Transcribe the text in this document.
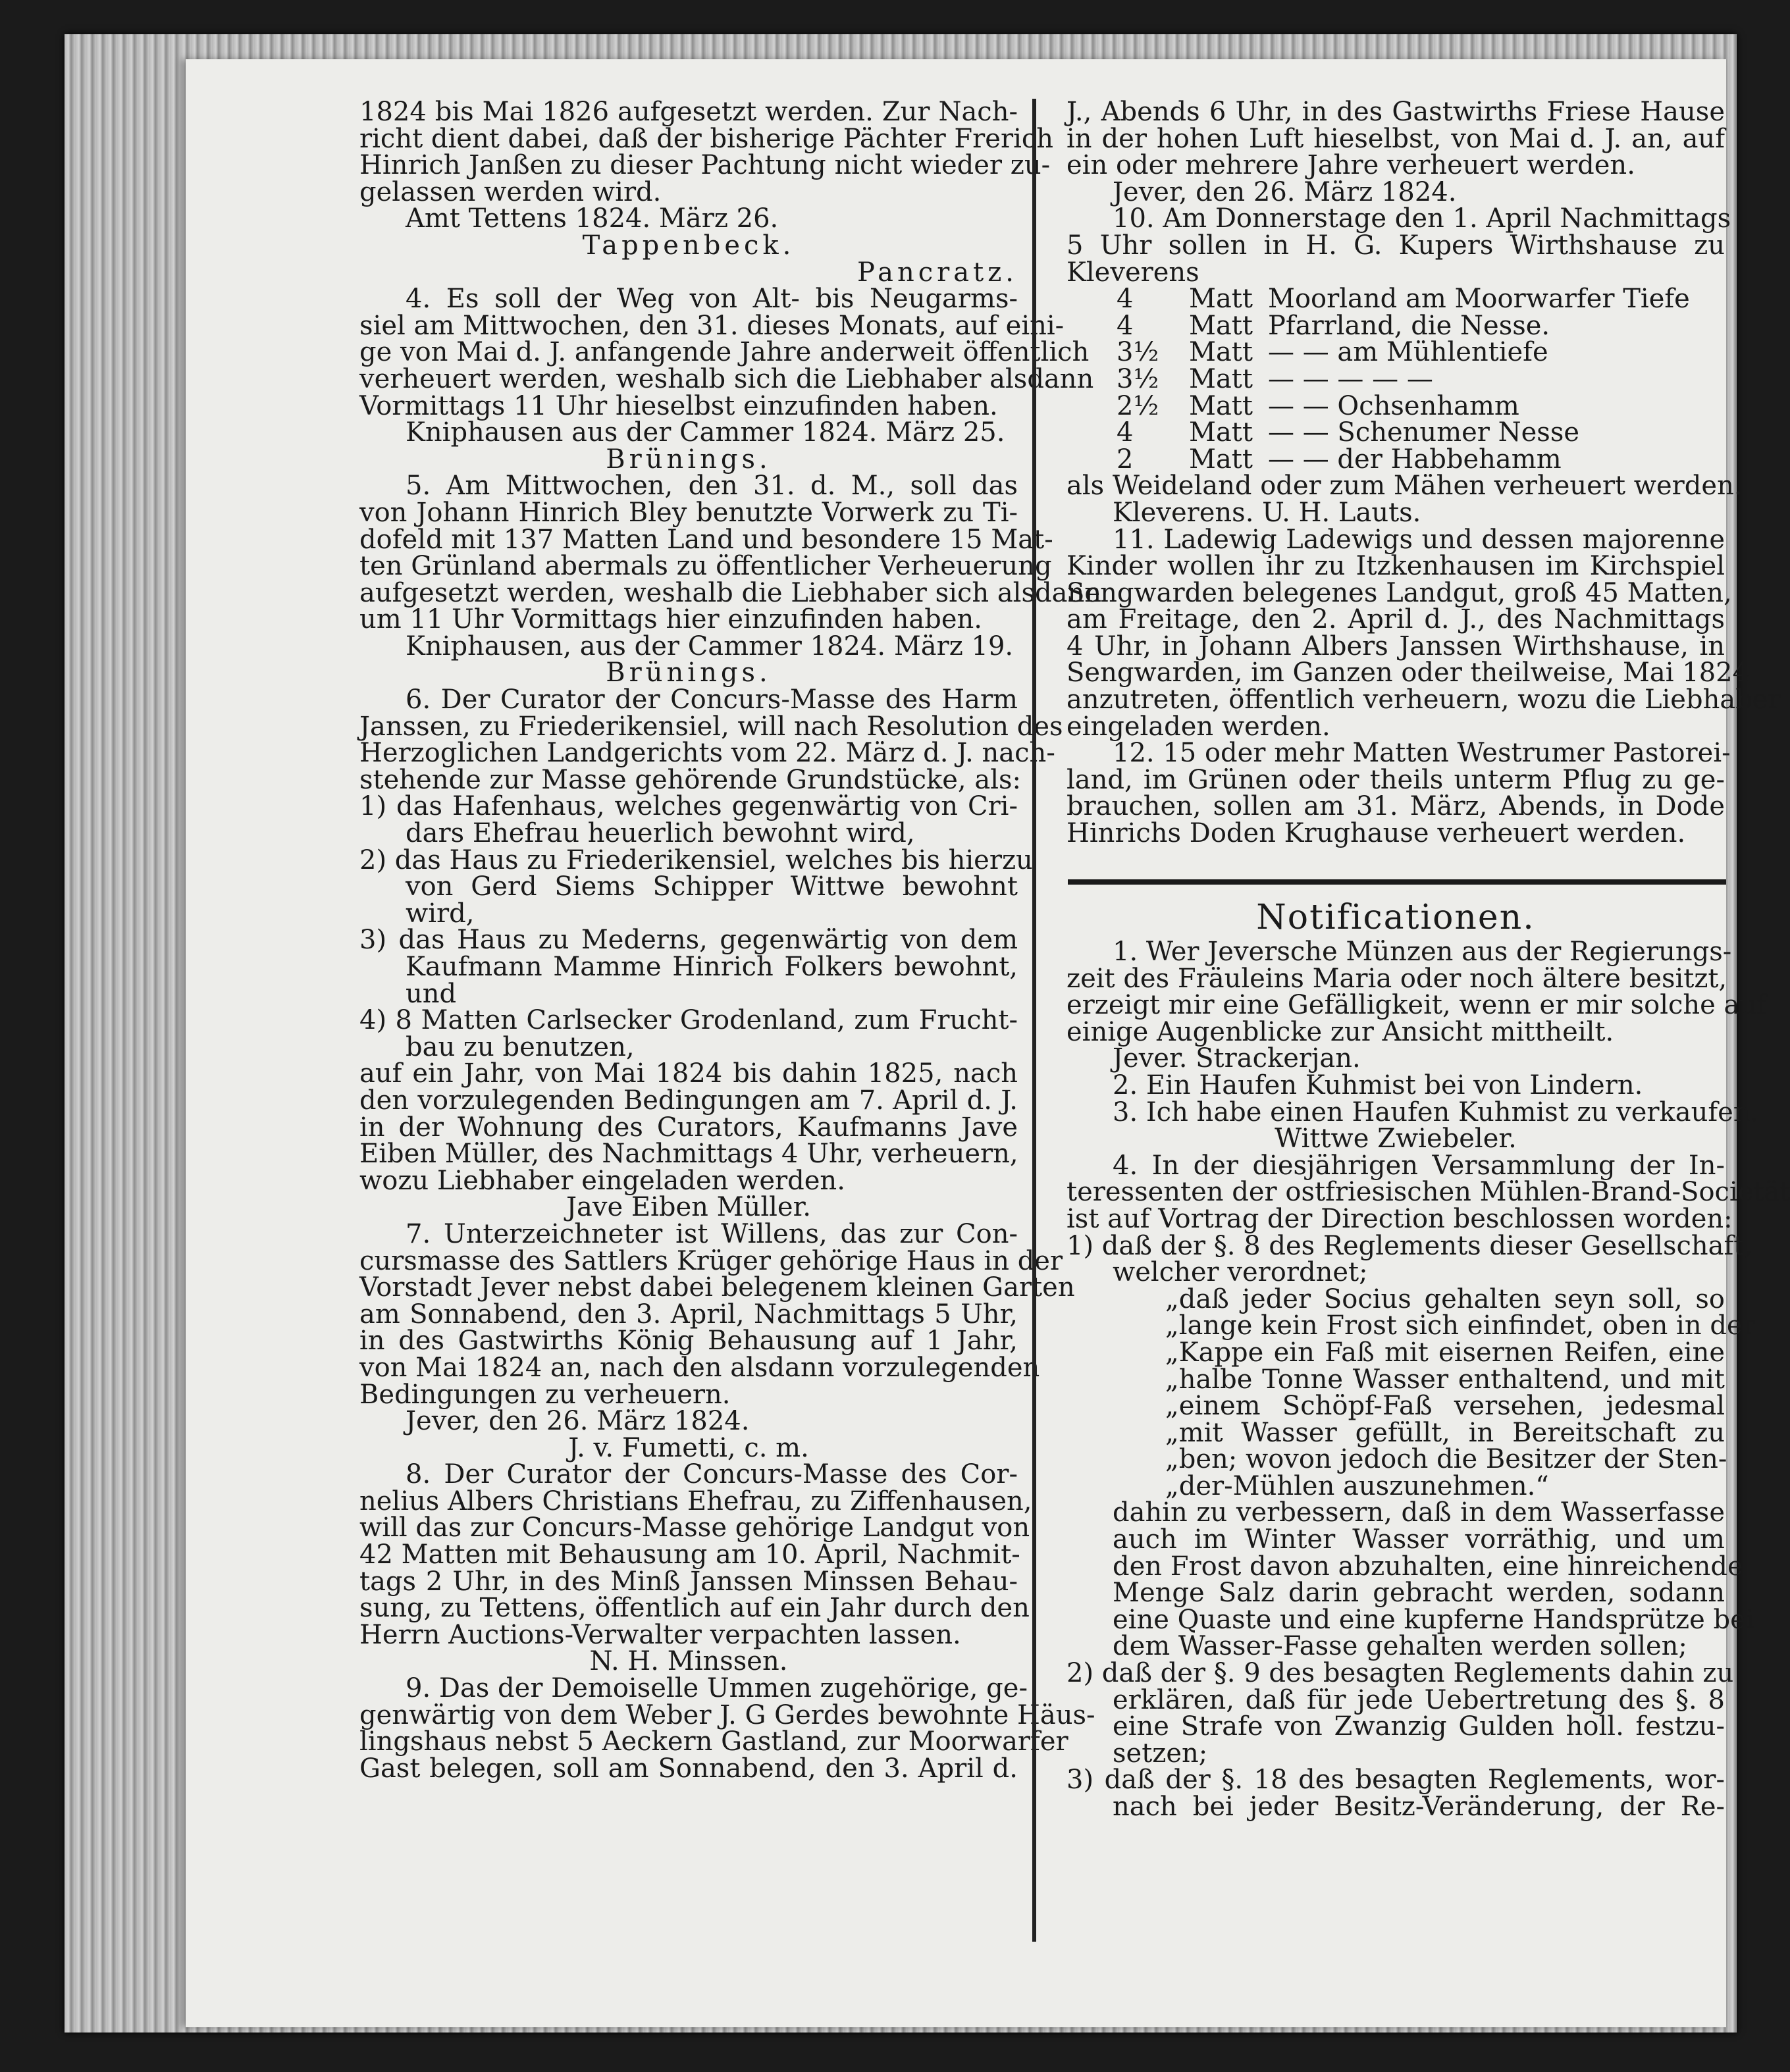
1824 bis Mai 1826 aufgesetzt werden. Zur Nach-
richt dient dabei, daß der bisherige Pächter Frerich
Hinrich Janßen zu dieser Pachtung nicht wieder zu-
gelassen werden wird.
Amt Tettens 1824. März 26.
Tappenbeck.
Pancratz.
4. Es soll der Weg von Alt- bis Neugarms-
siel am Mittwochen, den 31. dieses Monats, auf eini-
ge von Mai d. J. anfangende Jahre anderweit öffentlich
verheuert werden, weshalb sich die Liebhaber alsdann
Vormittags 11 Uhr hieselbst einzufinden haben.
Kniphausen aus der Cammer 1824. März 25.
Brünings.
5. Am Mittwochen, den 31. d. M., soll das
von Johann Hinrich Bley benutzte Vorwerk zu Ti-
dofeld mit 137 Matten Land und besondere 15 Mat-
ten Grünland abermals zu öffentlicher Verheuerung
aufgesetzt werden, weshalb die Liebhaber sich alsdann
um 11 Uhr Vormittags hier einzufinden haben.
Kniphausen, aus der Cammer 1824. März 19.
Brünings.
6. Der Curator der Concurs-Masse des Harm
Janssen, zu Friederikensiel, will nach Resolution des
Herzoglichen Landgerichts vom 22. März d. J. nach-
stehende zur Masse gehörende Grundstücke, als:
1) das Hafenhaus, welches gegenwärtig von Cri-
dars Ehefrau heuerlich bewohnt wird,
2) das Haus zu Friederikensiel, welches bis hierzu
von Gerd Siems Schipper Wittwe bewohnt
wird,
3) das Haus zu Mederns, gegenwärtig von dem
Kaufmann Mamme Hinrich Folkers bewohnt,
und
4) 8 Matten Carlsecker Grodenland, zum Frucht-
bau zu benutzen,
auf ein Jahr, von Mai 1824 bis dahin 1825, nach
den vorzulegenden Bedingungen am 7. April d. J.
in der Wohnung des Curators, Kaufmanns Jave
Eiben Müller, des Nachmittags 4 Uhr, verheuern,
wozu Liebhaber eingeladen werden.
Jave Eiben Müller.
7. Unterzeichneter ist Willens, das zur Con-
cursmasse des Sattlers Krüger gehörige Haus in der
Vorstadt Jever nebst dabei belegenem kleinen Garten
am Sonnabend, den 3. April, Nachmittags 5 Uhr,
in des Gastwirths König Behausung auf 1 Jahr,
von Mai 1824 an, nach den alsdann vorzulegenden
Bedingungen zu verheuern.
Jever, den 26. März 1824.
J. v. Fumetti, c. m.
8. Der Curator der Concurs-Masse des Cor-
nelius Albers Christians Ehefrau, zu Ziffenhausen,
will das zur Concurs-Masse gehörige Landgut von
42 Matten mit Behausung am 10. April, Nachmit-
tags 2 Uhr, in des Minß Janssen Minssen Behau-
sung, zu Tettens, öffentlich auf ein Jahr durch den
Herrn Auctions-Verwalter verpachten lassen.
N. H. Minssen.
9. Das der Demoiselle Ummen zugehörige, ge-
genwärtig von dem Weber J. G Gerdes bewohnte Häus-
lingshaus nebst 5 Aeckern Gastland, zur Moorwarfer
Gast belegen, soll am Sonnabend, den 3. April d.
J., Abends 6 Uhr, in des Gastwirths Friese Hause
in der hohen Luft hieselbst, von Mai d. J. an, auf
ein oder mehrere Jahre verheuert werden.
Jever, den 26. März 1824.
10. Am Donnerstage den 1. April Nachmittags
5 Uhr sollen in H. G. Kupers Wirthshause zu
Kleverens
4	Matt Moorland am Moorwarfer Tiefe
4	Matt Pfarrland, die Nesse.
3½	Matt — — am Mühlentiefe
3½	Matt — — — — —
2½	Matt — — Ochsenhamm
4	Matt — — Schenumer Nesse
2	Matt — — der Habbehamm
als Weideland oder zum Mähen verheuert werden.
Kleverens. U. H. Lauts.
11. Ladewig Ladewigs und dessen majorenne
Kinder wollen ihr zu Itzkenhausen im Kirchspiel
Sengwarden belegenes Landgut, groß 45 Matten,
am Freitage, den 2. April d. J., des Nachmittags
4 Uhr, in Johann Albers Janssen Wirthshause, in
Sengwarden, im Ganzen oder theilweise, Mai 1824
anzutreten, öffentlich verheuern, wozu die Liebhaber
eingeladen werden.
12. 15 oder mehr Matten Westrumer Pastorei-
land, im Grünen oder theils unterm Pflug zu ge-
brauchen, sollen am 31. März, Abends, in Dode
Hinrichs Doden Krughause verheuert werden.
Notificationen.
1. Wer Jeversche Münzen aus der Regierungs-
zeit des Fräuleins Maria oder noch ältere besitzt,
erzeigt mir eine Gefälligkeit, wenn er mir solche auf
einige Augenblicke zur Ansicht mittheilt.
Jever. Strackerjan.
2. Ein Haufen Kuhmist bei von Lindern.
3. Ich habe einen Haufen Kuhmist zu verkaufen.
Wittwe Zwiebeler.
4. In der diesjährigen Versammlung der In-
teressenten der ostfriesischen Mühlen-Brand-Societät
ist auf Vortrag der Direction beschlossen worden:
1) daß der §. 8 des Reglements dieser Gesellschaft,
welcher verordnet;
„daß jeder Socius gehalten seyn soll, so
„lange kein Frost sich einfindet, oben in der
„Kappe ein Faß mit eisernen Reifen, eine
„halbe Tonne Wasser enthaltend, und mit
„einem Schöpf-Faß versehen, jedesmal
„mit Wasser gefüllt, in Bereitschaft zu
„ben; wovon jedoch die Besitzer der Sten-
„der-Mühlen auszunehmen.“
dahin zu verbessern, daß in dem Wasserfasse
auch im Winter Wasser vorräthig, und um
den Frost davon abzuhalten, eine hinreichende
Menge Salz darin gebracht werden, sodann
eine Quaste und eine kupferne Handsprütze bei
dem Wasser-Fasse gehalten werden sollen;
2) daß der §. 9 des besagten Reglements dahin zu
erklären, daß für jede Uebertretung des §. 8
eine Strafe von Zwanzig Gulden holl. festzu-
setzen;
3) daß der §. 18 des besagten Reglements, wor-
nach bei jeder Besitz-Veränderung, der Re-
